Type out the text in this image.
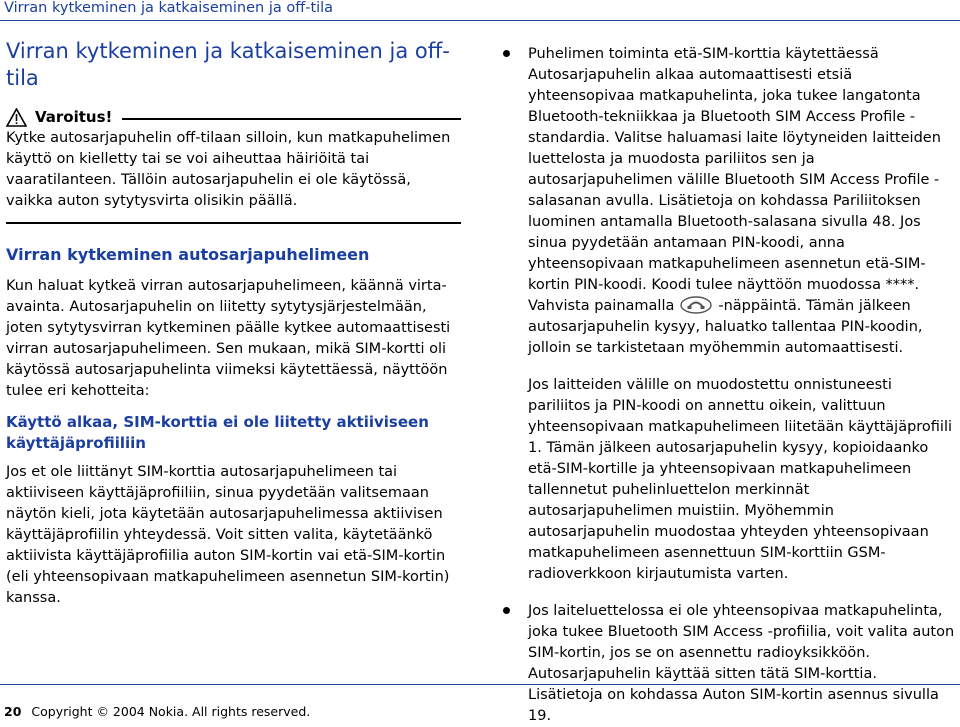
Virran kytkeminen ja katkaiseminen ja off-tila
Virran kytkeminen ja katkaiseminen ja off-tila
Varoitus!

Kytke autosarjapuhelin off-tilaan silloin, kun matkapuhelimen käyttö on kielletty tai se voi aiheuttaa häiriöitä tai vaaratilanteen. Tällöin autosarjapuhelin ei ole käytössä, vaikka auton sytytysvirta olisikin päällä.

Virran kytkeminen autosarjapuhelimeen

Kun haluat kytkeä virran autosarjapuhelimeen, käännä virta-avainta. Autosarjapuhelin on liitetty sytytysjärjestelmään, joten sytytysvirran kytkeminen päälle kytkee automaattisesti virran autosarjapuhelimeen. Sen mukaan, mikä SIM-kortti oli käytössä autosarjapuhelinta viimeksi käytettäessä, näyttöön tulee eri kehotteita:

Käyttö alkaa, SIM-korttia ei ole liitetty aktiiviseen käyttäjäprofiiliin

Jos et ole liittänyt SIM-korttia autosarjapuhelimeen tai aktiiviseen käyttäjäprofiiliin, sinua pyydetään valitsemaan näytön kieli, jota käytetään autosarjapuhelimessa aktiivisen käyttäjäprofiilin yhteydessä. Voit sitten valita, käytetäänkö aktiivista käyttäjäprofiilia auton SIM-kortin vai etä-SIM-kortin (eli yhteensopivaan matkapuhelimeen asennetun SIM-kortin) kanssa.

Puhelimen toiminta etä-SIM-korttia käytettäessä Autosarjapuhelin alkaa automaattisesti etsiä yhteensopivaa matkapuhelinta, joka tukee langatonta Bluetooth-tekniikkaa ja Bluetooth SIM Access Profile -standardia. Valitse haluamasi laite löytyneiden laitteiden luettelosta ja muodosta pariliitos sen ja autosarjapuhelimen välille Bluetooth SIM Access Profile -salasanan avulla. Lisätietoja on kohdassa Pariliitoksen luominen antamalla Bluetooth-salasana sivulla 48. Jos sinua pyydetään antamaan PIN-koodi, anna yhteensopivaan matkapuhelimeen asennetun etä-SIM-kortin PIN-koodi. Koodi tulee näyttöön muodossa ****. Vahvista painamalla	-näppäintä. Tämän jälkeen autosarjapuhelin kysyy, haluatko tallentaa PIN-koodin, jolloin se tarkistetaan myöhemmin automaattisesti.

Jos laitteiden välille on muodostettu onnistuneesti pariliitos ja PIN-koodi on annettu oikein, valittuun yhteensopivaan matkapuhelimeen liitetään käyttäjäprofiili 1. Tämän jälkeen autosarjapuhelin kysyy, kopioidaanko etä-SIM-kortille ja yhteensopivaan matkapuhelimeen tallennetut puhelinluettelon merkinnät autosarjapuhelimen muistiin. Myöhemmin autosarjapuhelin muodostaa yhteyden yhteensopivaan matkapuhelimeen asennettuun SIM-korttiin GSM-radioverkkoon kirjautumista varten.

Jos laiteluettelossa ei ole yhteensopivaa matkapuhelinta, joka tukee Bluetooth SIM Access -profiilia, voit valita auton SIM-kortin, jos se on asennettu radioyksikköön. Autosarjapuhelin käyttää sitten tätä SIM-korttia. Lisätietoja on kohdassa Auton SIM-kortin asennus sivulla 19.

20 Copyright © 2004 Nokia. All rights reserved.
